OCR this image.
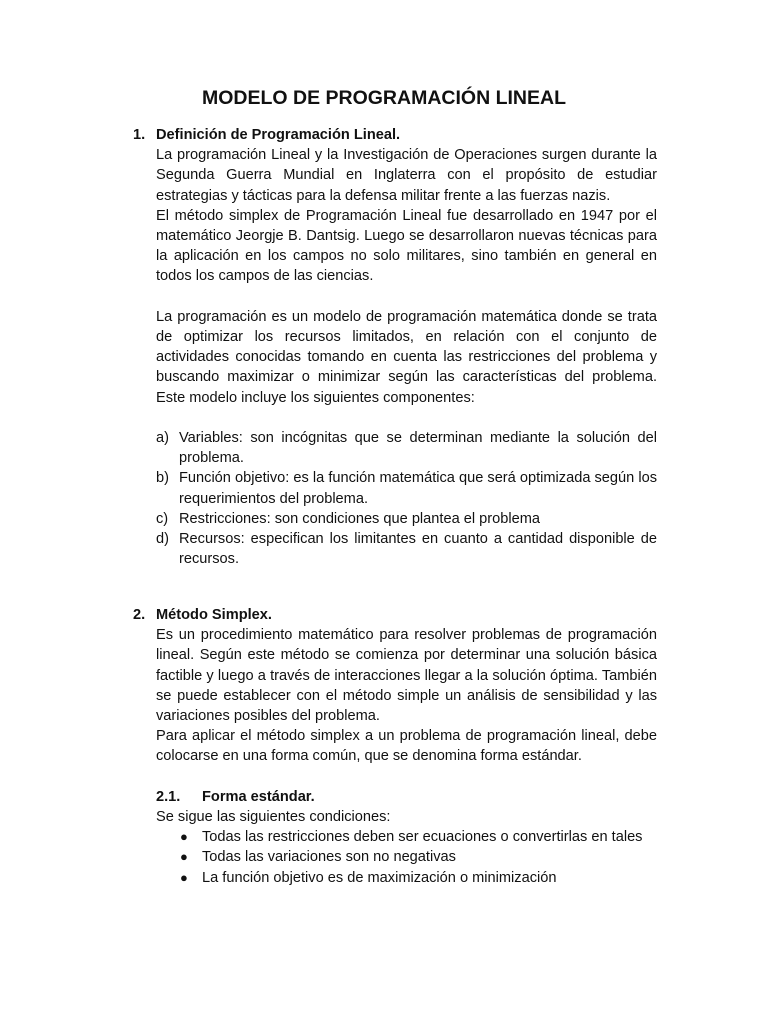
MODELO DE PROGRAMACIÓN LINEAL
1. Definición de Programación Lineal.

La programación Lineal y la Investigación de Operaciones surgen durante la Segunda Guerra Mundial en Inglaterra con el propósito de estudiar estrategias y tácticas para la defensa militar frente a las fuerzas nazis.

El método simplex de Programación Lineal fue desarrollado en 1947 por el matemático Jeorgje B. Dantsig. Luego se desarrollaron nuevas técnicas para la aplicación en los campos no solo militares, sino también en general en todos los campos de las ciencias.

La programación es un modelo de programación matemática donde se trata de optimizar los recursos limitados, en relación con el conjunto de actividades conocidas tomando en cuenta las restricciones del problema y buscando maximizar o minimizar según las características del problema. Este modelo incluye los siguientes componentes:

a) Variables: son incógnitas que se determinan mediante la solución del problema.
b) Función objetivo: es la función matemática que será optimizada según los requerimientos del problema.
c) Restricciones: son condiciones que plantea el problema
d) Recursos: especifican los limitantes en cuanto a cantidad disponible de recursos.
2. Método Simplex.

Es un procedimiento matemático para resolver problemas de programación lineal. Según este método se comienza por determinar una solución básica factible y luego a través de interacciones llegar a la solución óptima. También se puede establecer con el método simple un análisis de sensibilidad y las variaciones posibles del problema.

Para aplicar el método simplex a un problema de programación lineal, debe colocarse en una forma común, que se denomina forma estándar.

2.1. Forma estándar.

Se sigue las siguientes condiciones:

● Todas las restricciones deben ser ecuaciones o convertirlas en tales
● Todas las variaciones son no negativas
● La función objetivo es de maximización o minimización
